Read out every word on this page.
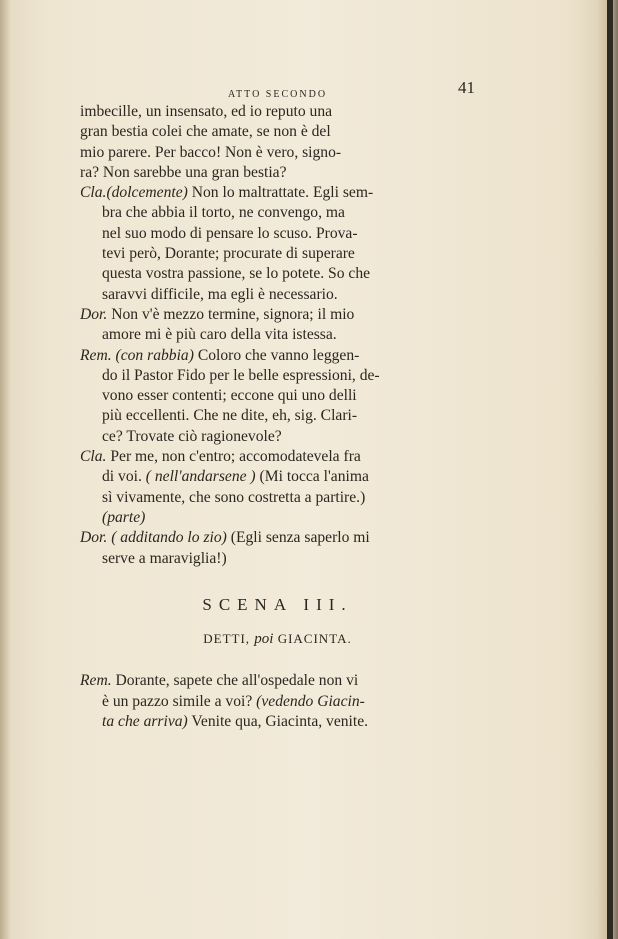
ATTO SECONDO	41
imbecille, un insensato, ed io reputo una
gran bestia colei che amate, se non è del
mio parere. Per bacco! Non è vero, signo-
ra? Non sarebbe una gran bestia?
Cla.(dolcemente) Non lo maltrattate. Egli sem-
bra che abbia il torto, ne convengo, ma
nel suo modo di pensare lo scuso. Prova-
tevi però, Dorante; procurate di superare
questa vostra passione, se lo potete. So che
saravvi difficile, ma egli è necessario.
Dor. Non v'è mezzo termine, signora; il mio
amore mi è più caro della vita istessa.
Rem. (con rabbia) Coloro che vanno leggen-
do il Pastor Fido per le belle espressioni, de-
vono esser contenti; eccone qui uno delli
più eccellenti. Che ne dite, eh, sig. Clari-
ce? Trovate ciò ragionevole?
Cla. Per me, non c'entro; accomodatevela fra
di voi. ( nell'andarsene ) (Mi tocca l'anima
sì vivamente, che sono costretta a partire.)
(parte)
Dor. ( additando lo zio) (Egli senza saperlo mi
serve a maraviglia!)
SCENA III.
DETTI, poi GIACINTA.
Rem. Dorante, sapete che all'ospedale non vi
è un pazzo simile a voi? (vedendo Giacin-
ta che arriva) Venite qua, Giacinta, venite.
